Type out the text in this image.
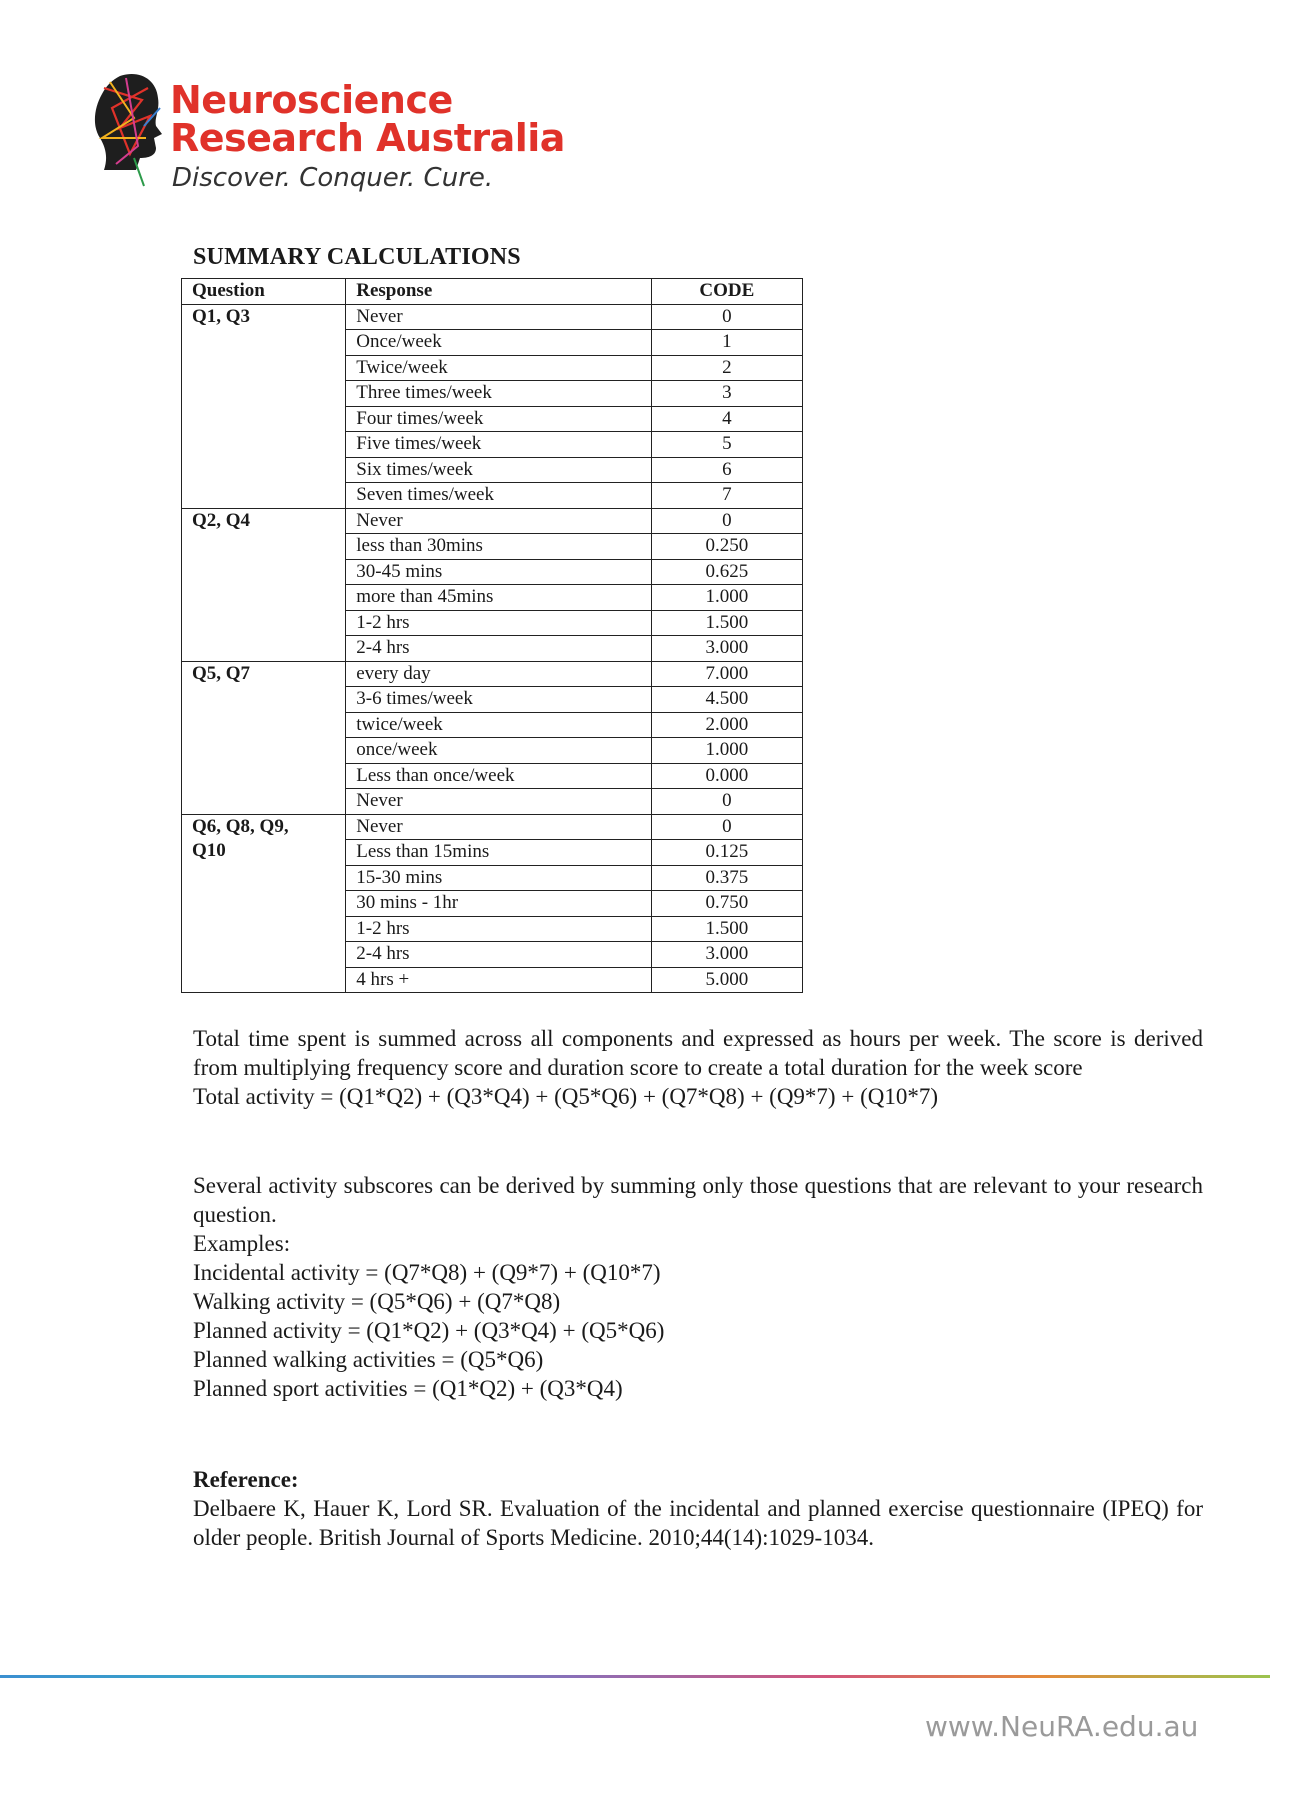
Neuroscience
Research Australia
Discover. Conquer. Cure.
SUMMARY CALCULATIONS
Question	Response	CODE
Q1, Q3	Never	0
	Once/week	1
	Twice/week	2
	Three times/week	3
	Four times/week	4
	Five times/week	5
	Six times/week	6
	Seven times/week	7
Q2, Q4	Never	0
	less than 30mins	0.250
	30-45 mins	0.625
	more than 45mins	1.000
	1-2 hrs	1.500
	2-4 hrs	3.000
Q5, Q7	every day	7.000
	3-6 times/week	4.500
	twice/week	2.000
	once/week	1.000
	Less than once/week	0.000
	Never	0

Q6, Q8, Q9,
Q10	Never	0
	Less than 15mins	0.125
	15-30 mins	0.375
	30 mins - 1hr	0.750
	1-2 hrs	1.500
	2-4 hrs	3.000
	4 hrs +	5.000
Total time spent is summed across all components and expressed as hours per week. The score is derived from multiplying frequency score and duration score to create a total duration for the week score
Total activity = (Q1*Q2) + (Q3*Q4) + (Q5*Q6) + (Q7*Q8) + (Q9*7) + (Q10*7)
Several activity subscores can be derived by summing only those questions that are relevant to your research question.
Examples:
Incidental activity = (Q7*Q8) + (Q9*7) + (Q10*7)
Walking activity = (Q5*Q6) + (Q7*Q8)
Planned activity = (Q1*Q2) + (Q3*Q4) + (Q5*Q6)
Planned walking activities = (Q5*Q6)
Planned sport activities = (Q1*Q2) + (Q3*Q4)
Reference:
Delbaere K, Hauer K, Lord SR. Evaluation of the incidental and planned exercise questionnaire (IPEQ) for older people. British Journal of Sports Medicine. 2010;44(14):1029-1034.
www.NeuRA.edu.au
